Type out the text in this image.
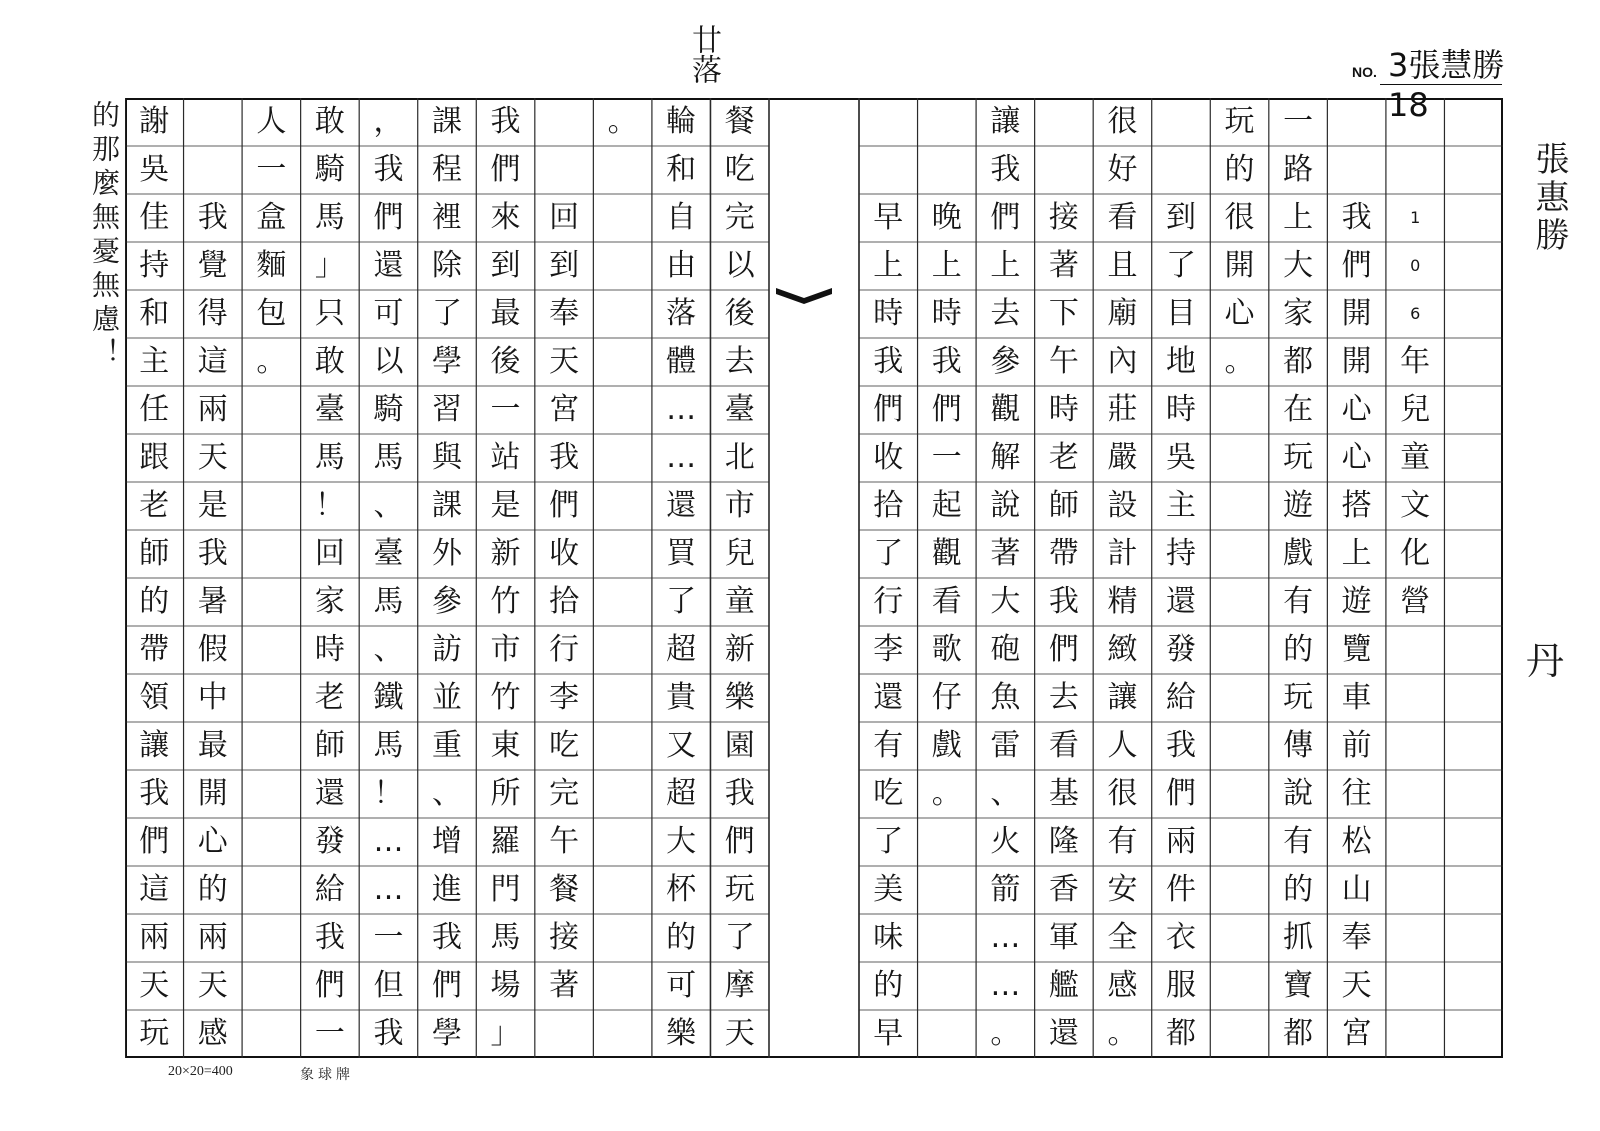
廿落	NO. 3張慧勝18
的那麼無憂無慮！	1
0
6
年
兒
童
文
化
營
我
們
開
開
心
心
搭
上
遊
覽
車
前
往
松
山
奉
天
宮
一
路
上
大
家
都
在
玩
遊
戲
有
的
玩
傳
說
有
的
抓
寶
都
玩
的
很
開
心
。
到
了
目
地
時
吳
主
持
還
發
給
我
們
兩
件
衣
服
都
很
好
看
且
廟
內
莊
嚴
設
計
精
緻
讓
人
很
有
安
全
感
。
接
著
下
午
時
老
師
帶
我
們
去
看
基
隆
香
軍
艦
還
讓
我
們
上
去
參
觀
解
說
著
大
砲
魚
雷
、
火
箭
…
…
。
晚
上
時
我
們
一
起
觀
看
歌
仔
戲
。
早
上
時
我
們
收
拾
了
行
李
還
有
吃
了
美
味
的
早
餐
吃
完
以
後
去
臺
北
市
兒
童
新
樂
園
我
們
玩
了
摩
天
輪
和
自
由
落
體
…
…
還
買
了
超
貴
又
超
大
杯
的
可
樂
。
回
到
奉
天
宮
我
們
收
拾
行
李
吃
完
午
餐
接
著
我
們
來
到
最
後
一
站
是
新
竹
市
竹
東
所
羅
門
馬
場
」
課
程
裡
除
了
學
習
與
課
外
參
訪
並
重
、
增
進
我
們
學
，
我
們
還
可
以
騎
馬
、
臺
馬
、
鐵
馬
！
…
…
一
但
我
敢
騎
馬
」
只
敢
臺
馬
！
回
家
時
老
師
還
發
給
我
們
一
人
一
盒
麵
包
。
我
覺
得
這
兩
天
是
我
暑
假
中
最
開
心
的
兩
天
感
謝
吳
佳
持
和
主
任
跟
老
師
的
帶
領
讓
我
們
這
兩
天
玩
張惠勝
丹
20×20=400	象球牌
